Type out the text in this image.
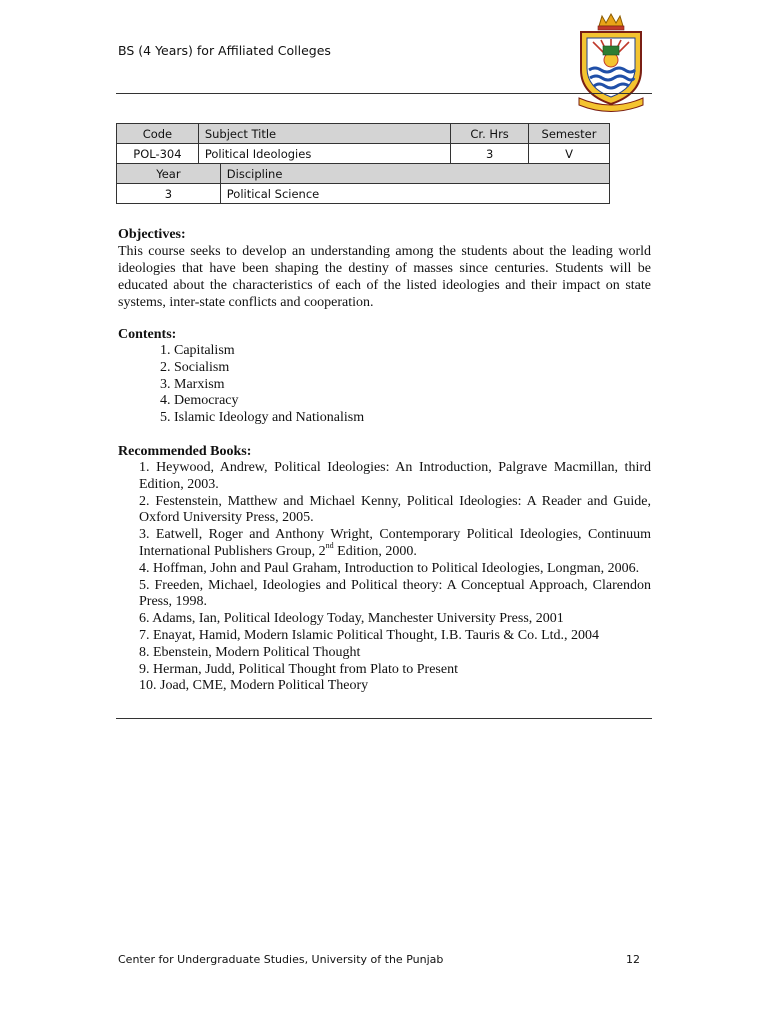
BS (4 Years) for Affiliated Colleges
Code	Subject Title		Cr. Hrs	Semester
POL-304	Political Ideologies		3	V
Year		Discipline		
3		Political Science		
Objectives:
This course seeks to develop an understanding among the students about the leading world ideologies that have been shaping the destiny of masses since centuries. Students will be educated about the characteristics of each of the listed ideologies and their impact on state systems, inter-state conflicts and cooperation.
Contents:
1. Capitalism
2. Socialism
3. Marxism
4. Democracy
5. Islamic Ideology and Nationalism
Recommended Books:
1. Heywood, Andrew, Political Ideologies: An Introduction, Palgrave Macmillan, third Edition, 2003.
2. Festenstein, Matthew and Michael Kenny, Political Ideologies: A Reader and Guide, Oxford University Press, 2005.
3. Eatwell, Roger and Anthony Wright, Contemporary Political Ideologies, Continuum International Publishers Group, 2nd Edition, 2000.
4. Hoffman, John and Paul Graham, Introduction to Political Ideologies, Longman, 2006.
5. Freeden, Michael, Ideologies and Political theory: A Conceptual Approach, Clarendon Press, 1998.
6. Adams, Ian, Political Ideology Today, Manchester University Press, 2001
7. Enayat, Hamid, Modern Islamic Political Thought, I.B. Tauris & Co. Ltd., 2004
8. Ebenstein, Modern Political Thought
9. Herman, Judd, Political Thought from Plato to Present
10. Joad, CME, Modern Political Theory
Center for Undergraduate Studies, University of the Punjab	12
